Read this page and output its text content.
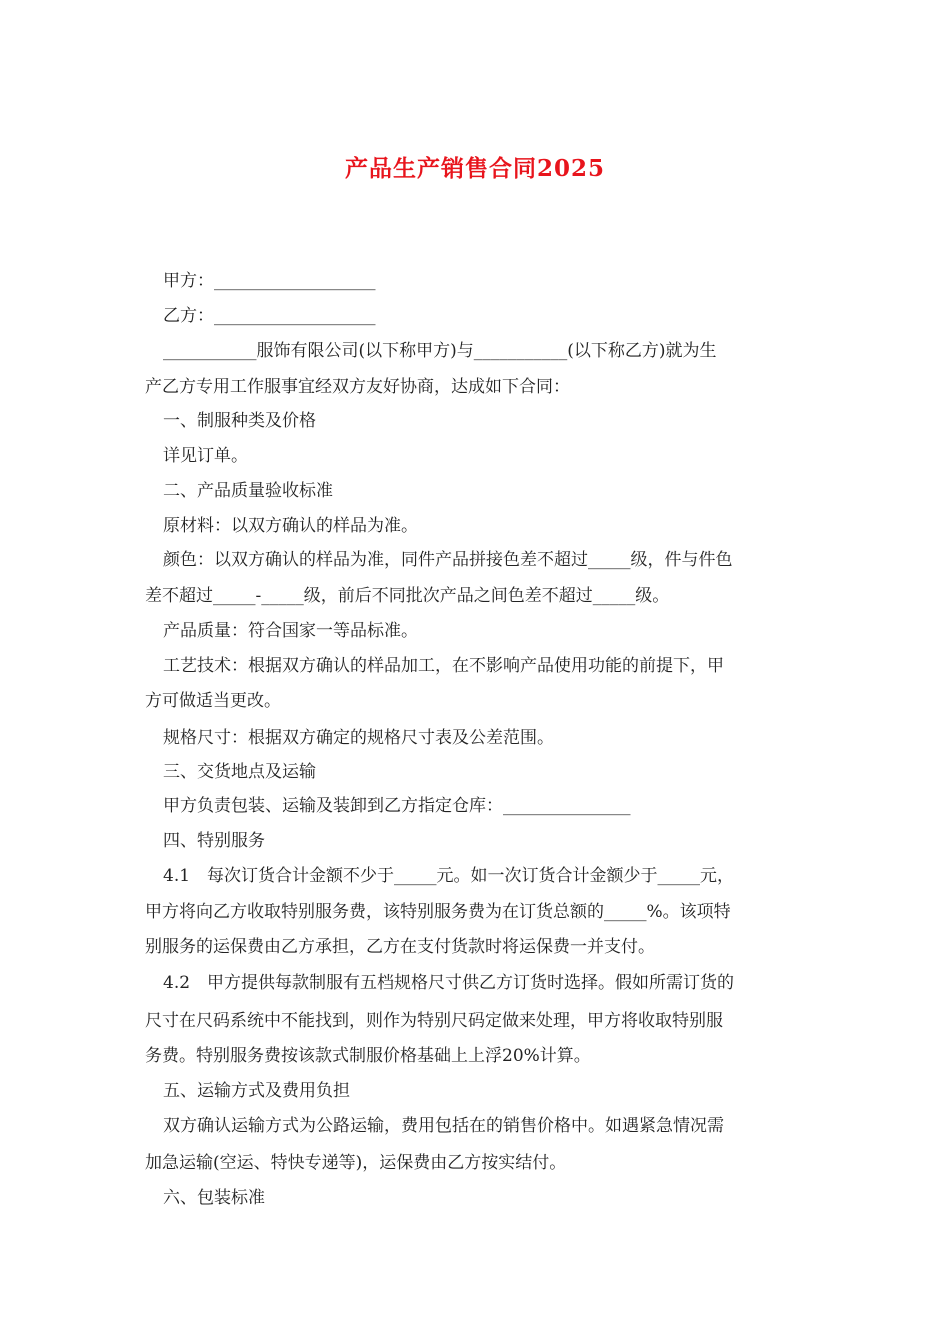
产品生产销售合同2025
甲方：___________________
乙方：___________________
___________服饰有限公司(以下称甲方)与___________(以下称乙方)就为生
产乙方专用工作服事宜经双方友好协商，达成如下合同：
一、制服种类及价格
详见订单。
二、产品质量验收标准
原材料：以双方确认的样品为准。
颜色：以双方确认的样品为准，同件产品拼接色差不超过_____级，件与件色
差不超过_____-_____级，前后不同批次产品之间色差不超过_____级。
产品质量：符合国家一等品标准。
工艺技术：根据双方确认的样品加工，在不影响产品使用功能的前提下，甲
方可做适当更改。
规格尺寸：根据双方确定的规格尺寸表及公差范围。
三、交货地点及运输
甲方负责包装、运输及装卸到乙方指定仓库：_______________
四、特别服务
4.1　每次订货合计金额不少于_____元。如一次订货合计金额少于_____元，
甲方将向乙方收取特别服务费，该特别服务费为在订货总额的_____%。该项特
别服务的运保费由乙方承担，乙方在支付货款时将运保费一并支付。
4.2　甲方提供每款制服有五档规格尺寸供乙方订货时选择。假如所需订货的
尺寸在尺码系统中不能找到，则作为特别尺码定做来处理，甲方将收取特别服
务费。特别服务费按该款式制服价格基础上上浮20%计算。
五、运输方式及费用负担
双方确认运输方式为公路运输，费用包括在的销售价格中。如遇紧急情况需
加急运输(空运、特快专递等)，运保费由乙方按实结付。
六、包装标准
